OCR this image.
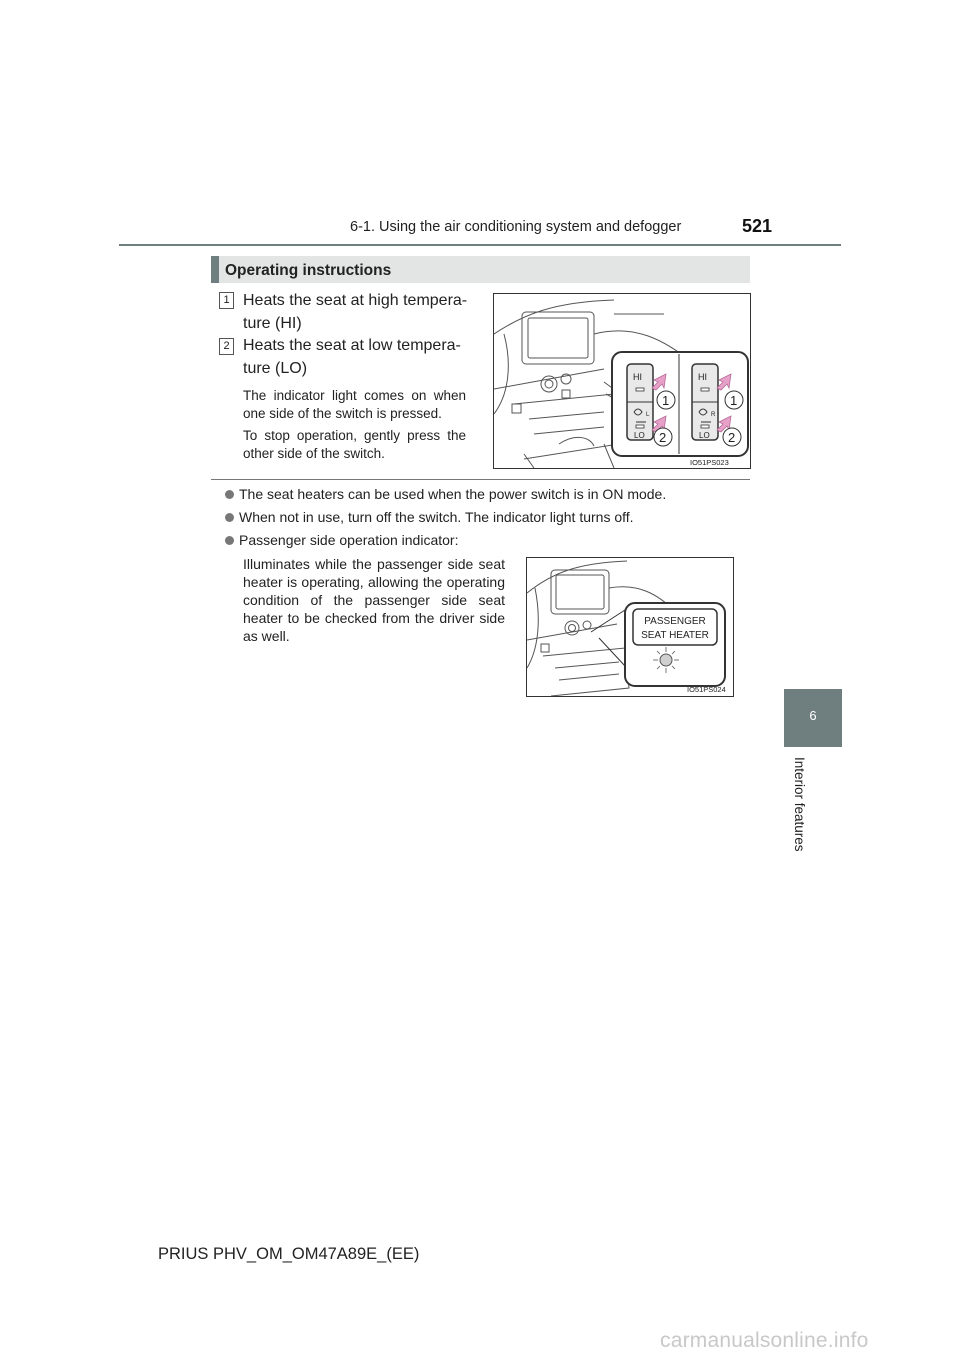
6-1. Using the air conditioning system and defogger	521
6
Interior features
Operating instructions
1 Heats the seat at high tempera-
ture (HI)
2 Heats the seat at low tempera-
ture (LO)
The indicator light comes on when one side of the switch is pressed.
To stop operation, gently press the other side of the switch.
HI
LO
L
HI
LO
R
1
2
1
2
IO51PS023
The seat heaters can be used when the power switch is in ON mode.
When not in use, turn off the switch. The indicator light turns off.
Passenger side operation indicator:
Illuminates while the passenger side seat heater is operating, allowing the operating condition of the passenger side seat heater to be checked from the driver side as well.
PASSENGER
SEAT HEATER
IO51PS024
PRIUS PHV_OM_OM47A89E_(EE)
carmanualsonline.info
